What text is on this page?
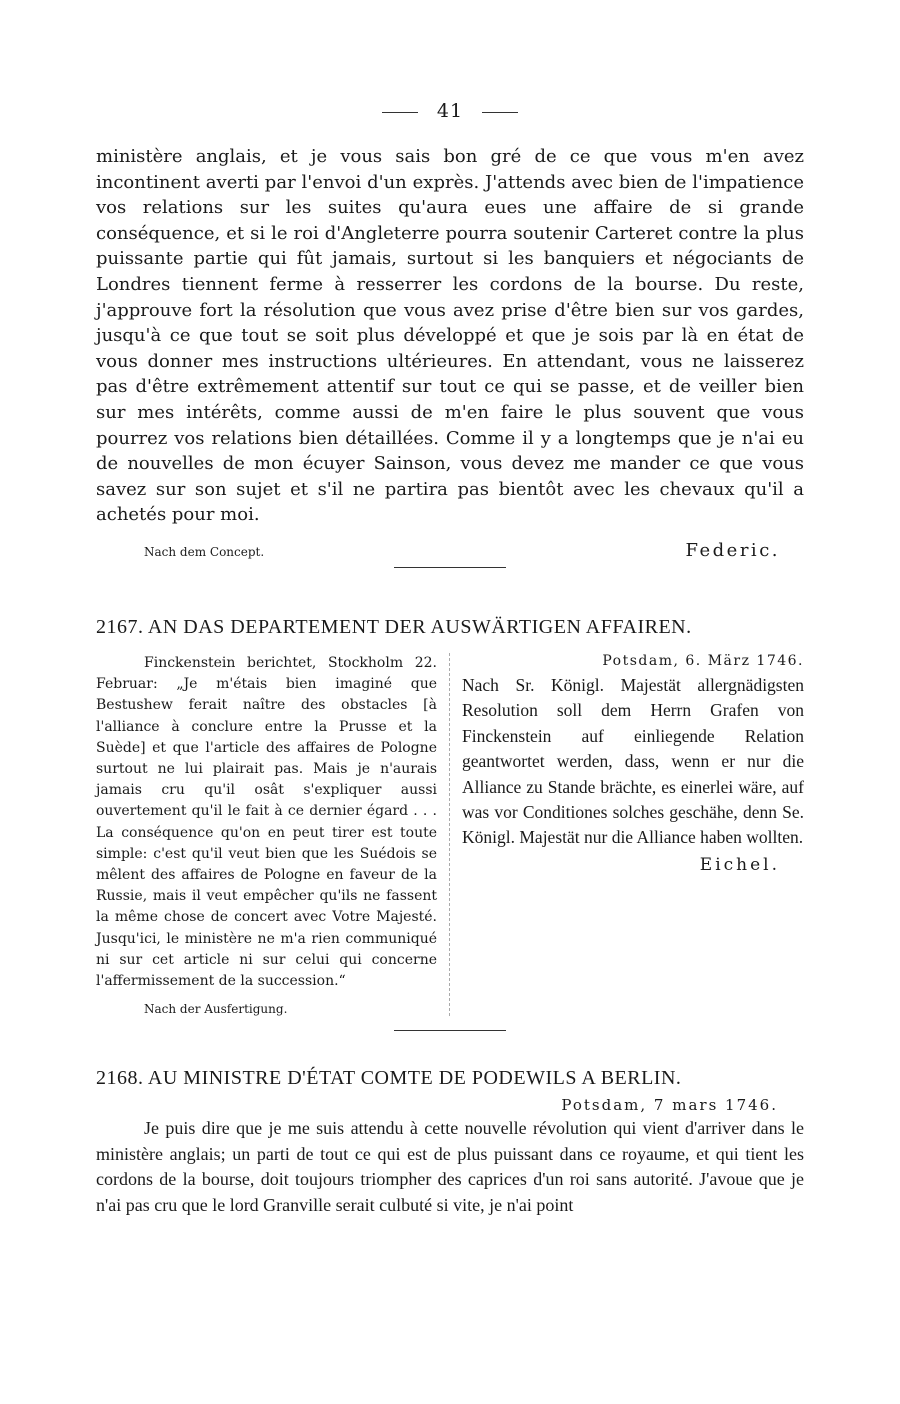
41
ministère anglais, et je vous sais bon gré de ce que vous m'en avez incontinent averti par l'envoi d'un exprès. J'attends avec bien de l'impatience vos relations sur les suites qu'aura eues une affaire de si grande conséquence, et si le roi d'Angleterre pourra soutenir Carteret contre la plus puissante partie qui fût jamais, surtout si les banquiers et négociants de Londres tiennent ferme à resserrer les cordons de la bourse. Du reste, j'approuve fort la résolution que vous avez prise d'être bien sur vos gardes, jusqu'à ce que tout se soit plus développé et que je sois par là en état de vous donner mes instructions ultérieures. En attendant, vous ne laisserez pas d'être extrêmement attentif sur tout ce qui se passe, et de veiller bien sur mes intérêts, comme aussi de m'en faire le plus souvent que vous pourrez vos relations bien détaillées. Comme il y a longtemps que je n'ai eu de nouvelles de mon écuyer Sainson, vous devez me mander ce que vous savez sur son sujet et s'il ne partira pas bientôt avec les chevaux qu'il a achetés pour moi.
Nach dem Concept.	Federic.
2167. AN DAS DEPARTEMENT DER AUSWÄRTIGEN AFFAIREN.
Finckenstein berichtet, Stockholm 22. Februar: „Je m'étais bien imaginé que Bestushew ferait naître des obstacles [à l'alliance à conclure entre la Prusse et la Suède] et que l'article des affaires de Pologne surtout ne lui plairait pas. Mais je n'aurais jamais cru qu'il osât s'expliquer aussi ouvertement qu'il le fait à ce dernier égard . . . La conséquence qu'on en peut tirer est toute simple: c'est qu'il veut bien que les Suédois se mêlent des affaires de Pologne en faveur de la Russie, mais il veut empêcher qu'ils ne fassent la même chose de concert avec Votre Majesté. Jusqu'ici, le ministère ne m'a rien communiqué ni sur cet article ni sur celui qui concerne l'affermissement de la succession.“
Nach der Ausfertigung.
Potsdam, 6. März 1746.
Nach Sr. Königl. Majestät allergnädigsten Resolution soll dem Herrn Grafen von Finckenstein auf einliegende Relation geantwortet werden, dass, wenn er nur die Alliance zu Stande brächte, es einerlei wäre, auf was vor Conditiones solches geschähe, denn Se. Königl. Majestät nur die Alliance haben wollten.
Eichel.
2168. AU MINISTRE D'ÉTAT COMTE DE PODEWILS A BERLIN.
Potsdam, 7 mars 1746.
Je puis dire que je me suis attendu à cette nouvelle révolution qui vient d'arriver dans le ministère anglais; un parti de tout ce qui est de plus puissant dans ce royaume, et qui tient les cordons de la bourse, doit toujours triompher des caprices d'un roi sans autorité. J'avoue que je n'ai pas cru que le lord Granville serait culbuté si vite, je n'ai point
